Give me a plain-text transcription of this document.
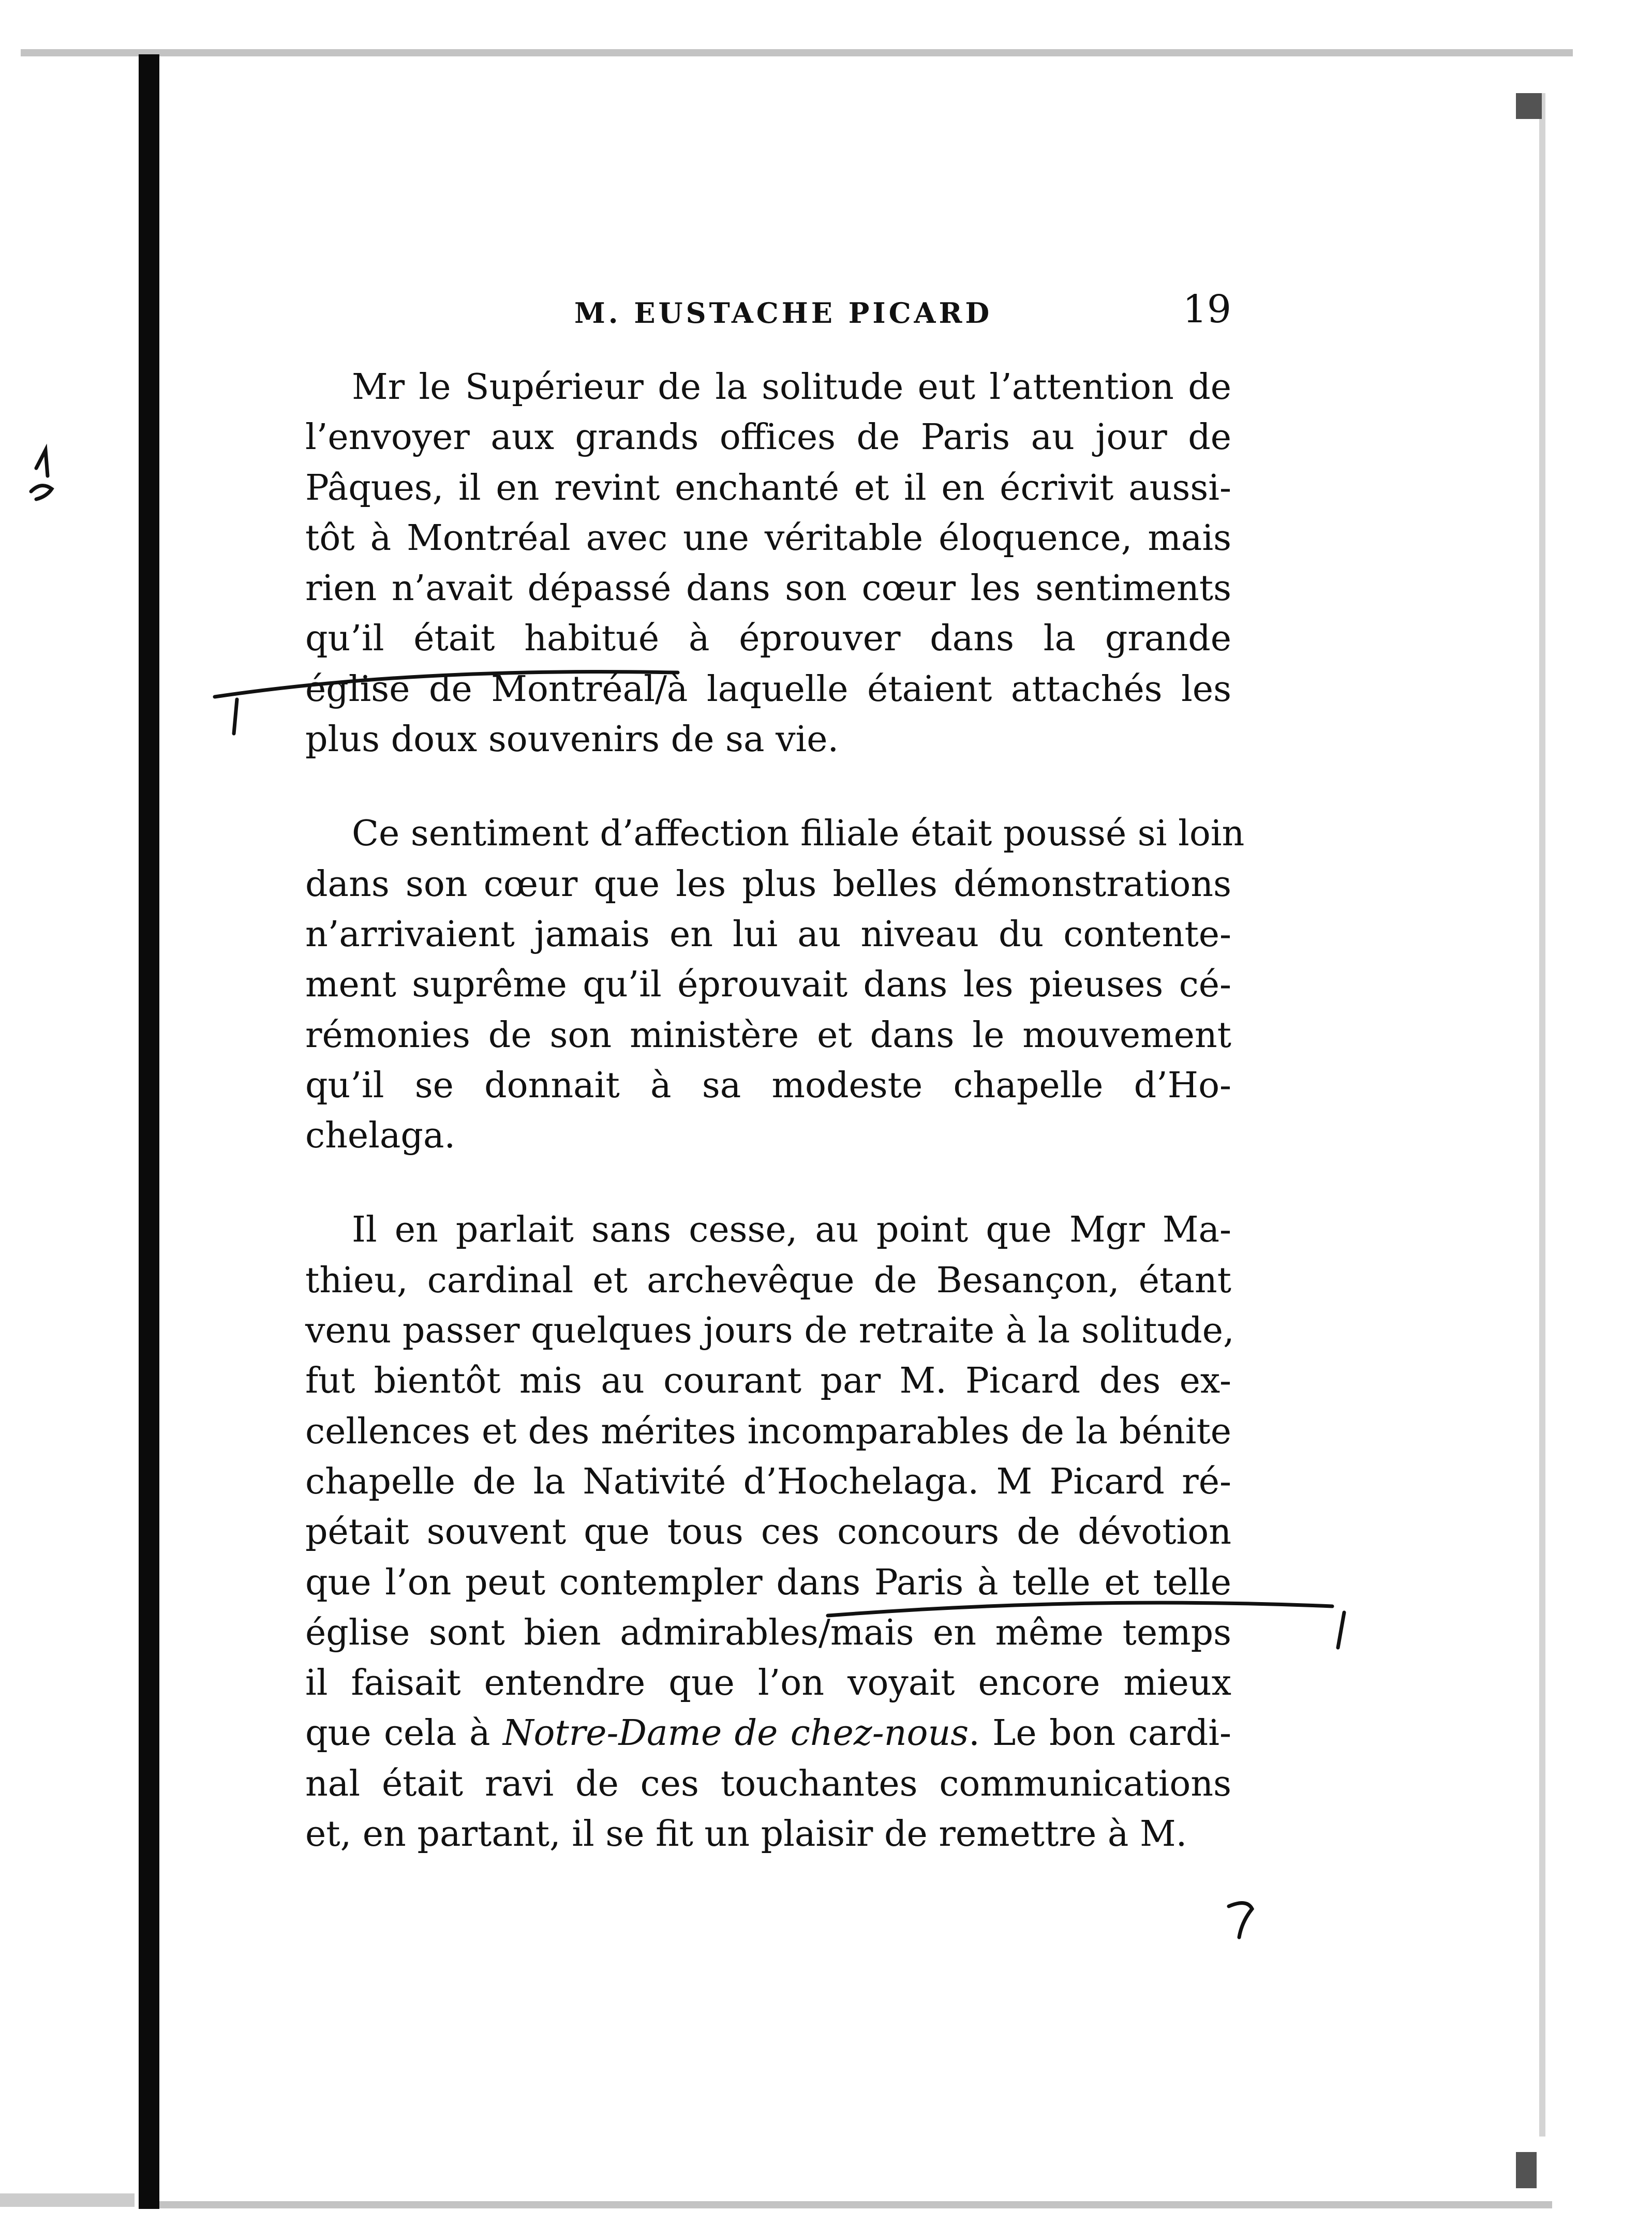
M. EUSTACHE PICARD	19

Mr le Supérieur de la solitude eut l’attention de
l’envoyer aux grands offices de Paris au jour de
Pâques, il en revint enchanté et il en écrivit aussi-
tôt à Montréal avec une véritable éloquence, mais
rien n’avait dépassé dans son cœur les sentiments
qu’il était habitué à éprouver dans la grande
église de Montréal/à laquelle étaient attachés les
plus doux souvenirs de sa vie.

Ce sentiment d’affection filiale était poussé si loin
dans son cœur que les plus belles démonstrations
n’arrivaient jamais en lui au niveau du contente-
ment suprême qu’il éprouvait dans les pieuses cé-
rémonies de son ministère et dans le mouvement
qu’il se donnait à sa modeste chapelle d’Ho-
chelaga.

Il en parlait sans cesse, au point que Mgr Ma-
thieu, cardinal et archevêque de Besançon, étant
venu passer quelques jours de retraite à la solitude,
fut bientôt mis au courant par M. Picard des ex-
cellences et des mérites incomparables de la bénite
chapelle de la Nativité d’Hochelaga. M Picard ré-
pétait souvent que tous ces concours de dévotion
que l’on peut contempler dans Paris à telle et telle
église sont bien admirables/mais en même temps
il faisait entendre que l’on voyait encore mieux
que cela à Notre-Dame de chez-nous. Le bon cardi-
nal était ravi de ces touchantes communications
et, en partant, il se fit un plaisir de remettre à M.
